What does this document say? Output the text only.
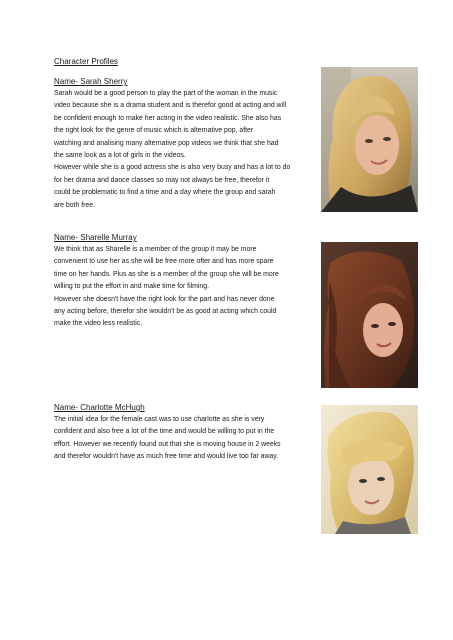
Character Profiles
Name- Sarah Sherry
Sarah would be a good person to play the part of the woman in the music
video because she is a drama student and is therefor good at acting and will
be confident enough to make her acting in the video realistic. She also has
the right look for the genre of music which is alternative pop, after
watching and analising many alternative pop videos we think that she had
the same look as a lot of girls in the videos.
However while she is a good actress she is also very busy and has a lot to do
for her drama and dance classes so may not always be free, therefor it
could be problematic to find a time and a day where the group and sarah
are both free.
Name- Sharelle Murray
We think that as Sharelle is a member of the group it may be more
convenient to use her as she will be free more ofter and has more spare
time on her hands. Plus as she is a member of the group she will be more
willing to put the effort in and make time for filming.
However she doesn't have the right look for the part and has never done
any acting before, therefor she wouldn't be as good at acting which could
make the video less realistic.
Name- Charlotte McHugh
The initial idea for the female cast was to use charlotte as she is very
confident and also free a lot of the time and would be willing to put in the
effort. However we recently found out that she is moving house in 2 weeks
and therefor wouldn't have as much free time and would live too far away.
